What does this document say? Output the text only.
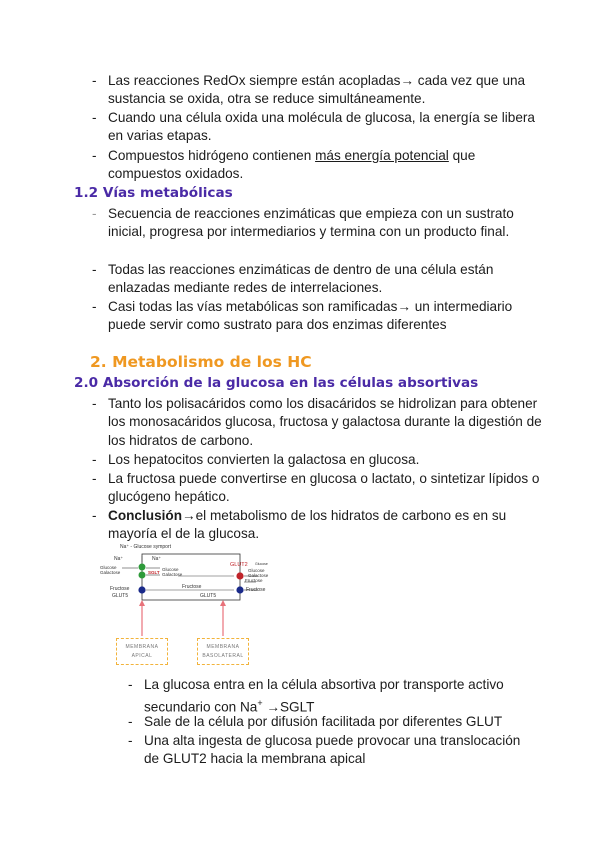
- Las reacciones RedOx siempre están acopladas→ cada vez que una sustancia se oxida, otra se reduce simultáneamente.
- Cuando una célula oxida una molécula de glucosa, la energía se libera en varias etapas.
- Compuestos hidrógeno contienen más energía potencial que compuestos oxidados.
1.2 Vías metabólicas
- Secuencia de reacciones enzimáticas que empieza con un sustrato inicial, progresa por intermediarios y termina con un producto final.
- Todas las reacciones enzimáticas de dentro de una célula están enlazadas mediante redes de interrelaciones.
- Casi todas las vías metabólicas son ramificadas→ un intermediario puede servir como sustrato para dos enzimas diferentes
2. Metabolismo de los HC
2.0 Absorción de la glucosa en las células absortivas
- Tanto los polisacáridos como los disacáridos se hidrolizan para obtener los monosacáridos glucosa, fructosa y galactosa durante la digestión de los hidratos de carbono.
- Los hepatocitos convierten la galactosa en glucosa.
- La fructosa puede convertirse en glucosa o lactato, o sintetizar lípidos o glucógeno hepático.
- Conclusión→el metabolismo de los hidratos de carbono es en su mayoría el de la glucosa.
Na⁺ - Glucose symport
Na⁺	Na⁺
Glucose
Galactose	SGLT
Glucose
Galactose
GLUT2 Glucose
Glucose
Galactose
Fructose
Fructose
GLUT5
Fructose
GLUT5
Fructose
MEMBRANA
APICAL
MEMBRANA
BASOLATERAL
- La glucosa entra en la célula absortiva por transporte activo secundario con Na+ →SGLT
- Sale de la célula por difusión facilitada por diferentes GLUT
- Una alta ingesta de glucosa puede provocar una translocación de GLUT2 hacia la membrana apical
